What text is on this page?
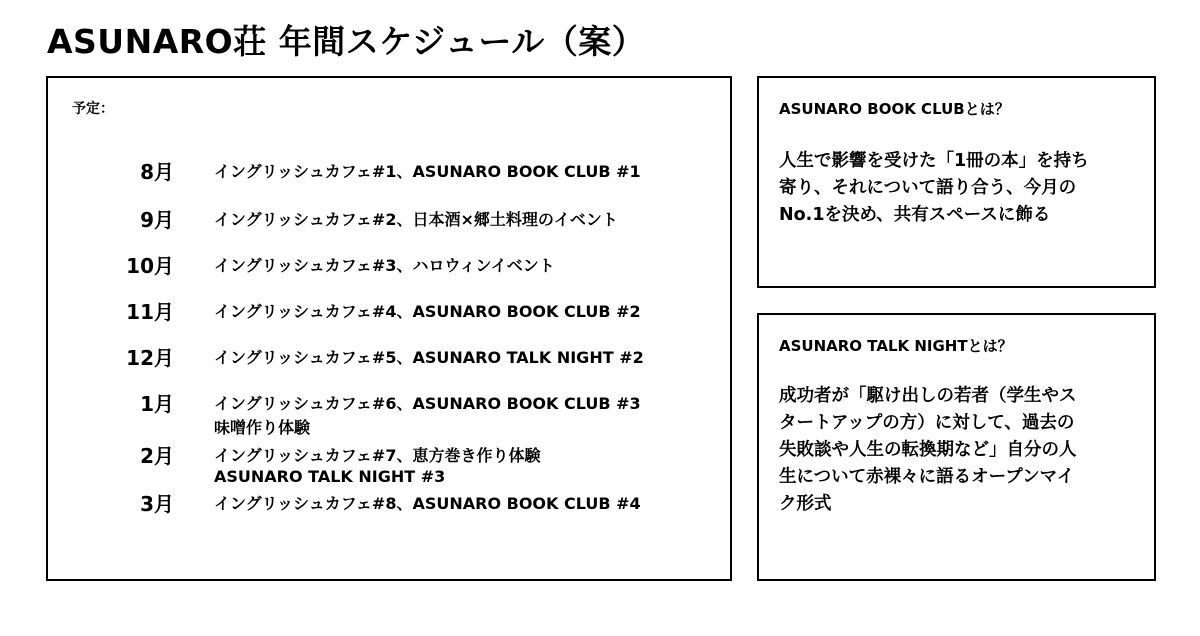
ASUNARO荘 年間スケジュール（案）
予定：
8月	イングリッシュカフェ#1、ASUNARO BOOK CLUB #1
9月	イングリッシュカフェ#2、日本酒×郷土料理のイベント
10月	イングリッシュカフェ#3、ハロウィンイベント
11月	イングリッシュカフェ#4、ASUNARO BOOK CLUB #2
12月	イングリッシュカフェ#5、ASUNARO TALK NIGHT #2
1月	イングリッシュカフェ#6、ASUNARO BOOK CLUB #3
味噌作り体験
2月	イングリッシュカフェ#7、恵方巻き作り体験
ASUNARO TALK NIGHT #3
3月	イングリッシュカフェ#8、ASUNARO BOOK CLUB #4
ASUNARO BOOK CLUBとは？
人生で影響を受けた「1冊の本」を持ち
寄り、それについて語り合う、今月の
No.1を決め、共有スペースに飾る
ASUNARO TALK NIGHTとは？
成功者が「駆け出しの若者（学生やス
タートアップの方）に対して、過去の
失敗談や人生の転換期など」自分の人
生について赤裸々に語るオープンマイ
ク形式
